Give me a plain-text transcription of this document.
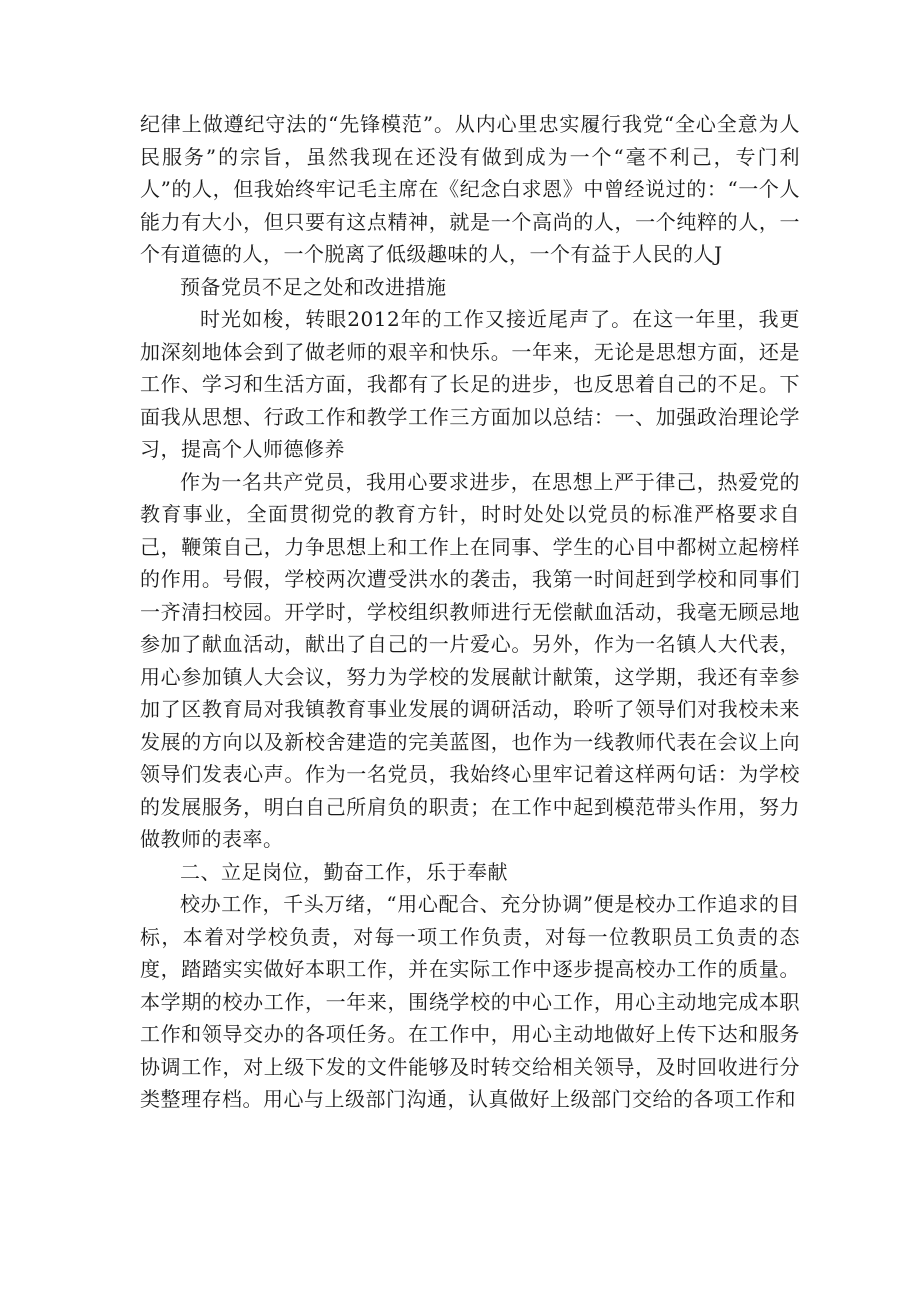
纪律上做遵纪守法的“先锋模范”。从内心里忠实履行我党“全心全意为人民服务”的宗旨，虽然我现在还没有做到成为一个“毫不利己，专门利人”的人，但我始终牢记毛主席在《纪念白求恩》中曾经说过的：“一个人能力有大小，但只要有这点精神，就是一个高尚的人，一个纯粹的人，一个有道德的人，一个脱离了低级趣味的人，一个有益于人民的人J

预备党员不足之处和改进措施

时光如梭，转眼2012年的工作又接近尾声了。在这一年里，我更加深刻地体会到了做老师的艰辛和快乐。一年来，无论是思想方面，还是工作、学习和生活方面，我都有了长足的进步，也反思着自己的不足。下面我从思想、行政工作和教学工作三方面加以总结：一、加强政治理论学习，提高个人师德修养

作为一名共产党员，我用心要求进步，在思想上严于律己，热爱党的教育事业，全面贯彻党的教育方针，时时处处以党员的标准严格要求自己，鞭策自己，力争思想上和工作上在同事、学生的心目中都树立起榜样的作用。号假，学校两次遭受洪水的袭击，我第一时间赶到学校和同事们一齐清扫校园。开学时，学校组织教师进行无偿献血活动，我毫无顾忌地参加了献血活动，献出了自己的一片爱心。另外，作为一名镇人大代表，用心参加镇人大会议，努力为学校的发展献计献策，这学期，我还有幸参加了区教育局对我镇教育事业发展的调研活动，聆听了领导们对我校未来发展的方向以及新校舍建造的完美蓝图，也作为一线教师代表在会议上向领导们发表心声。作为一名党员，我始终心里牢记着这样两句话：为学校的发展服务，明白自己所肩负的职责；在工作中起到模范带头作用，努力做教师的表率。

二、立足岗位，勤奋工作，乐于奉献

校办工作，千头万绪，“用心配合、充分协调”便是校办工作追求的目标，本着对学校负责，对每一项工作负责，对每一位教职员工负责的态度，踏踏实实做好本职工作，并在实际工作中逐步提高校办工作的质量。本学期的校办工作，一年来，围绕学校的中心工作，用心主动地完成本职工作和领导交办的各项任务。在工作中，用心主动地做好上传下达和服务协调工作，对上级下发的文件能够及时转交给相关领导，及时回收进行分类整理存档。用心与上级部门沟通，认真做好上级部门交给的各项工作和
